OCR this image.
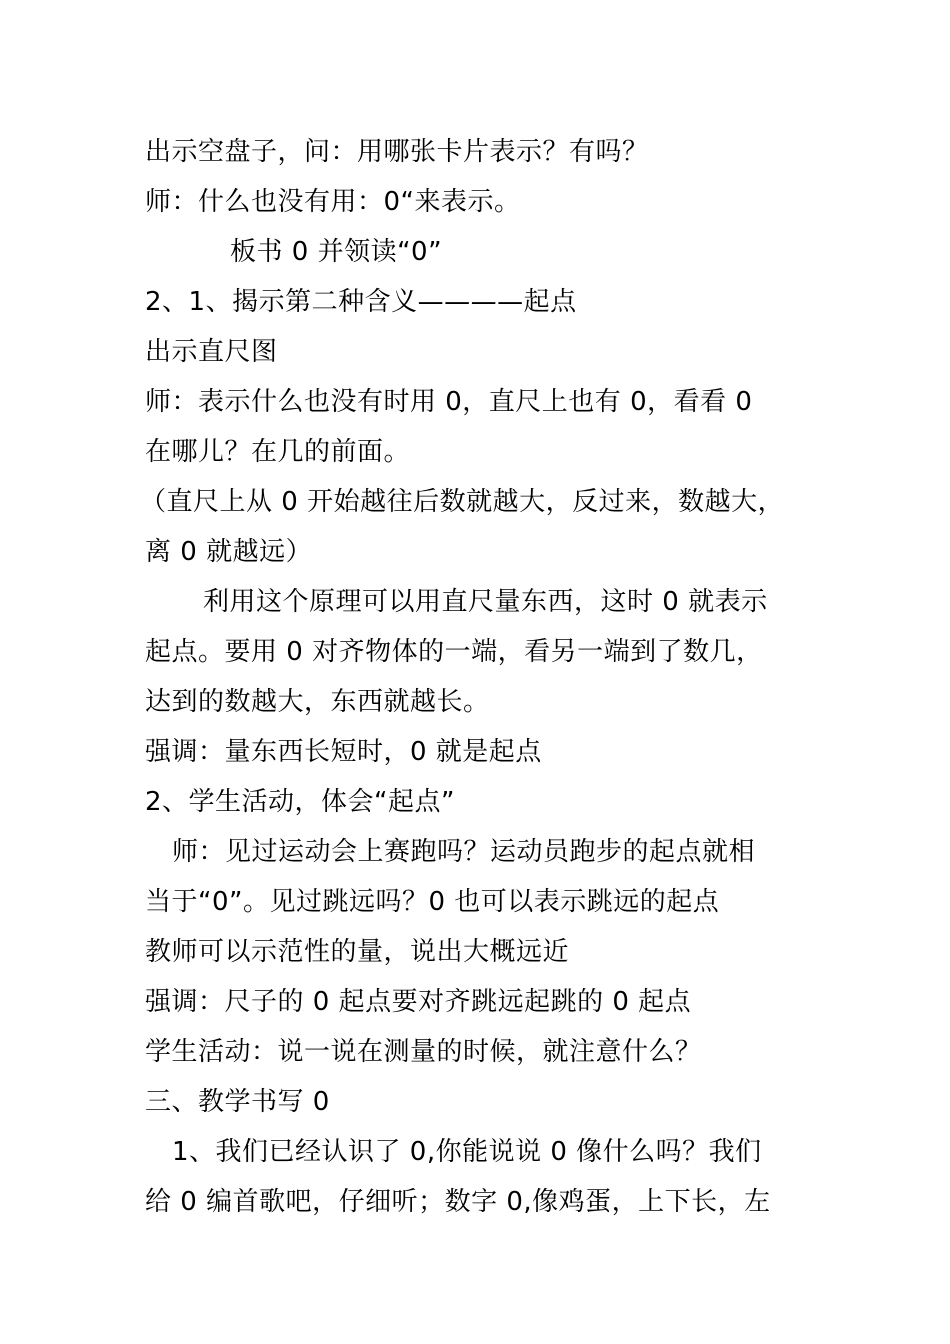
出示空盘子，问：用哪张卡片表示？有吗？
师：什么也没有用：0“来表示。
板书 0 并领读“0”
2、1、揭示第二种含义————起点
出示直尺图
师：表示什么也没有时用 0，直尺上也有 0，看看 0
在哪儿？在几的前面。
（直尺上从 0 开始越往后数就越大，反过来，数越大，
离 0 就越远）
利用这个原理可以用直尺量东西，这时 0 就表示
起点。要用 0 对齐物体的一端，看另一端到了数几，
达到的数越大，东西就越长。
强调：量东西长短时，0 就是起点
2、学生活动，体会“起点”
师：见过运动会上赛跑吗？运动员跑步的起点就相
当于“0”。见过跳远吗？0 也可以表示跳远的起点
教师可以示范性的量，说出大概远近
强调：尺子的 0 起点要对齐跳远起跳的 0 起点
学生活动：说一说在测量的时候，就注意什么？
三、教学书写 0
1、我们已经认识了 0,你能说说 0 像什么吗？我们
给 0 编首歌吧，仔细听；数字 0,像鸡蛋，上下长，左
